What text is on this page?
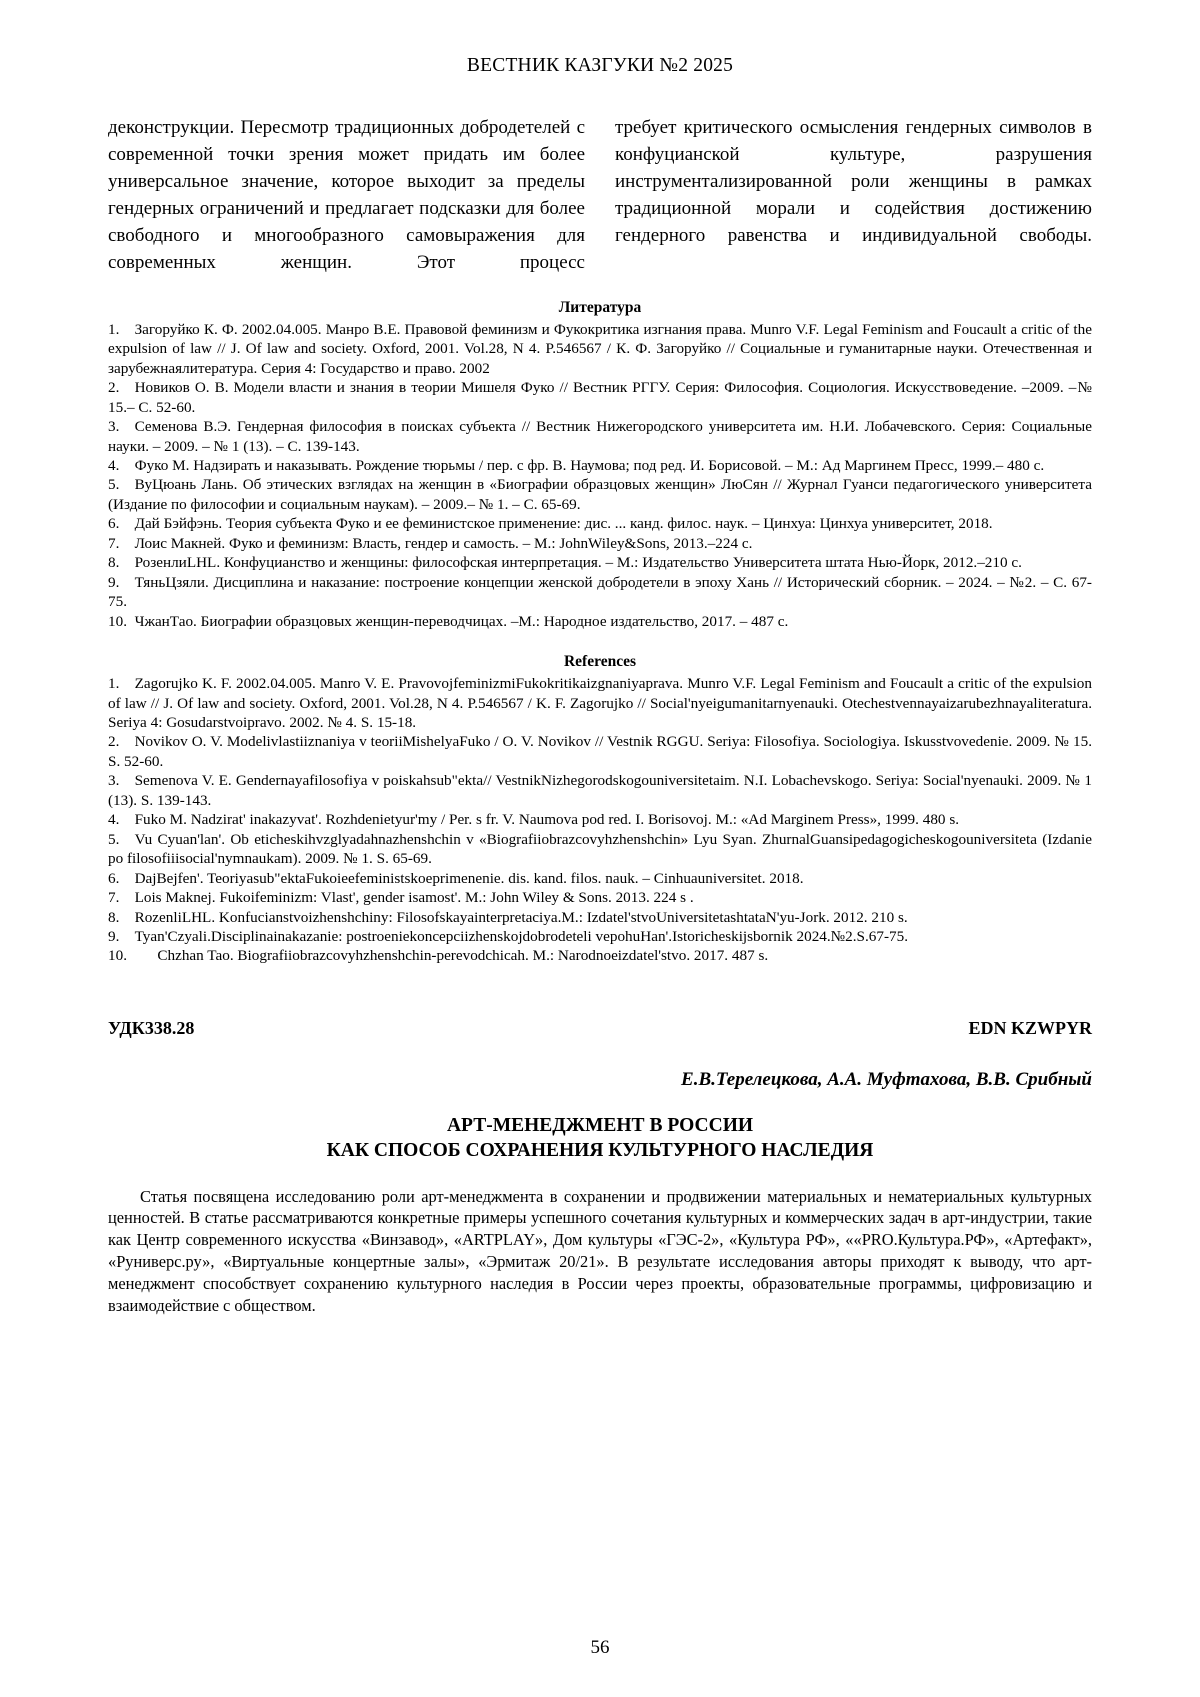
ВЕСТНИК КАЗГУКИ №2 2025

деконструкции. Пересмотр традиционных добродетелей с современной точки зрения может придать им более универсальное значение, которое выходит за пределы гендерных ограничений и предлагает подсказки для более свободного и многообразного самовыражения для современных женщин. Этот процесс

требует критического осмысления гендерных символов в конфуцианской культуре, разрушения инструментализированной роли женщины в рамках традиционной морали и содействия достижению гендерного равенства и индивидуальной свободы.

Литература

1. Загоруйко К. Ф. 2002.04.005. Манро В.Е. Правовой феминизм и Фукокритика изгнания права. Munro V.F. Legal Feminism and Foucault a critic of the expulsion of law // J. Of law and society. Oxford, 2001. Vol.28, N 4. P.546567 / К. Ф. Загоруйко // Социальные и гуманитарные науки. Отечественная и зарубежнаялитература. Серия 4: Государство и право. 2002

2. Новиков О. В. Модели власти и знания в теории Мишеля Фуко // Вестник РГГУ. Серия: Философия. Социология. Искусствоведение. –2009. –№ 15.– С. 52-60.

3. Семенова В.Э. Гендерная философия в поисках субъекта // Вестник Нижегородского университета им. Н.И. Лобачевского. Серия: Социальные науки. – 2009. – № 1 (13). – С. 139-143.

4. Фуко М. Надзирать и наказывать. Рождение тюрьмы / пер. с фр. В. Наумова; под ред. И. Борисовой. – М.: Ад Маргинем Пресс, 1999.– 480 с.

5. ВуЦюань Лань. Об этических взглядах на женщин в «Биографии образцовых женщин» ЛюСян // Журнал Гуанси педагогического университета (Издание по философии и социальным наукам). – 2009.– № 1. – С. 65-69.

6. Дай Бэйфэнь. Теория субъекта Фуко и ее феминистское применение: дис. ... канд. филос. наук. – Цинхуа: Цинхуа университет, 2018.

7. Лоис Макней. Фуко и феминизм: Власть, гендер и самость. – М.: JohnWiley&Sons, 2013.–224 с.

8. РозенлиLHL. Конфуцианство и женщины: философская интерпретация. – М.: Издательство Университета штата Нью-Йорк, 2012.–210 с.

9. ТяньЦзяли. Дисциплина и наказание: построение концепции женской добродетели в эпоху Хань // Исторический сборник. – 2024. – №2. – С. 67-75.

10. ЧжанТао. Биографии образцовых женщин-переводчицах. –М.: Народное издательство, 2017. – 487 с.

References

1. Zagorujko K. F. 2002.04.005. Manro V. E. PravovojfeminizmiFukokritikaizgnaniyaprava. Munro V.F. Legal Feminism and Foucault a critic of the expulsion of law // J. Of law and society. Oxford, 2001. Vol.28, N 4. P.546567 / K. F. Zagorujko // Social'nyeigumanitarnyenauki. Otechestvennayaizarubezhnayaliteratura. Seriya 4: Gosudarstvoipravo. 2002. № 4. S. 15-18.

2. Novikov O. V. Modelivlastiiznaniya v teoriiMishelyaFuko / O. V. Novikov // Vestnik RGGU. Seriya: Filosofiya. Sociologiya. Iskusstvovedenie. 2009. № 15. S. 52-60.

3. Semenova V. E. Gendernayafilosofiya v poiskahsub"ekta// VestnikNizhegorodskogouniversitetaim. N.I. Lobachevskogo. Seriya: Social'nyenauki. 2009. № 1 (13). S. 139-143.

4. Fuko M. Nadzirat' inakazyvat'. Rozhdenietyur'my / Per. s fr. V. Naumova pod red. I. Borisovoj. M.: «Ad Marginem Press», 1999. 480 s.

5. Vu Cyuan'lan'. Ob eticheskihvzglyadahnazhenshchin v «Biografiiobrazcovyhzhenshchin» Lyu Syan. ZhurnalGuansipedagogicheskogouniversiteta (Izdanie po filosofiiisocial'nymnaukam). 2009. № 1. S. 65-69.

6. DajBejfen'. Teoriyasub"ektaFukoieefeministskoeprimenenie. dis. kand. filos. nauk. – Cinhuauniversitet. 2018.

7. Lois Maknej. Fukoifeminizm: Vlast', gender isamost'. M.: John Wiley & Sons. 2013. 224 s .

8. RozenliLHL. Konfucianstvoizhenshchiny: Filosofskayainterpretaciya.M.: Izdatel'stvoUniversitetashtataN'yu-Jork. 2012. 210 s.

9. Tyan'Czyali.Disciplinainakazanie: postroeniekoncepciizhenskojdobrodeteli vepohuHan'.Istoricheskijsbornik 2024.№2.S.67-75.

10.  Chzhan Tao. Biografiiobrazcovyhzhenshchin-perevodchicah. M.: Narodnoeizdatel'stvo. 2017. 487 s.

УДК338.28	EDN KZWPYR
Е.В.Терелецкова, А.А. Муфтахова, В.В. Срибный
АРТ-МЕНЕДЖМЕНТ В РОССИИ
КАК СПОСОБ СОХРАНЕНИЯ КУЛЬТУРНОГО НАСЛЕДИЯ
Статья посвящена исследованию роли арт-менеджмента в сохранении и продвижении материальных и нематериальных культурных ценностей. В статье рассматриваются конкретные примеры успешного сочетания культурных и коммерческих задач в арт-индустрии, такие как Центр современного искусства «Винзавод», «ARTPLAY», Дом культуры «ГЭС-2», «Культура РФ», ««PRO.Культура.РФ», «Артефакт», «Руниверс.ру», «Виртуальные концертные залы», «Эрмитаж 20/21». В результате исследования авторы приходят к выводу, что арт-менеджмент способствует сохранению культурного наследия в России через проекты, образовательные программы, цифровизацию и взаимодействие с обществом.
56
